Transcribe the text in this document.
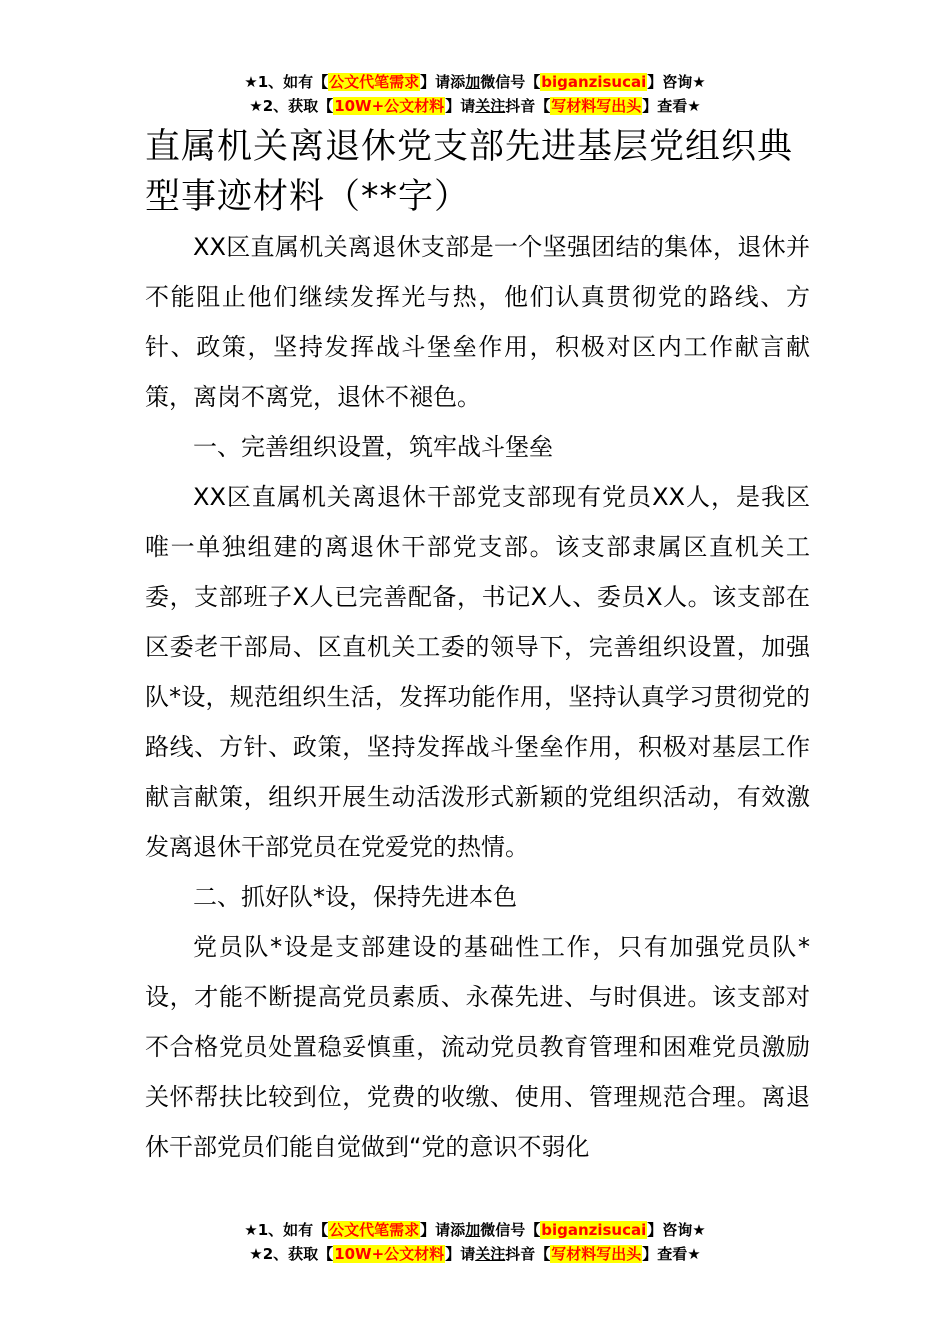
★1、如有【公文代笔需求】请添加微信号【biganzisucai】咨询★
★2、获取【10W+公文材料】请关注抖音【写材料写出头】查看★
直属机关离退休党支部先进基层党组织典型事迹材料（**字）

XX区直属机关离退休支部是一个坚强团结的集体，退休并不能阻止他们继续发挥光与热，他们认真贯彻党的路线、方针、政策，坚持发挥战斗堡垒作用，积极对区内工作献言献策，离岗不离党，退休不褪色。

一、完善组织设置，筑牢战斗堡垒

XX区直属机关离退休干部党支部现有党员XX人，是我区唯一单独组建的离退休干部党支部。该支部隶属区直机关工委，支部班子X人已完善配备，书记X人、委员X人。该支部在区委老干部局、区直机关工委的领导下，完善组织设置，加强队*设，规范组织生活，发挥功能作用，坚持认真学习贯彻党的路线、方针、政策，坚持发挥战斗堡垒作用，积极对基层工作献言献策，组织开展生动活泼形式新颖的党组织活动，有效激发离退休干部党员在党爱党的热情。

二、抓好队*设，保持先进本色

党员队*设是支部建设的基础性工作，只有加强党员队*设，才能不断提高党员素质、永葆先进、与时俱进。该支部对不合格党员处置稳妥慎重，流动党员教育管理和困难党员激励关怀帮扶比较到位，党费的收缴、使用、管理规范合理。离退休干部党员们能自觉做到“党的意识不弱化

★1、如有【公文代笔需求】请添加微信号【biganzisucai】咨询★
★2、获取【10W+公文材料】请关注抖音【写材料写出头】查看★
